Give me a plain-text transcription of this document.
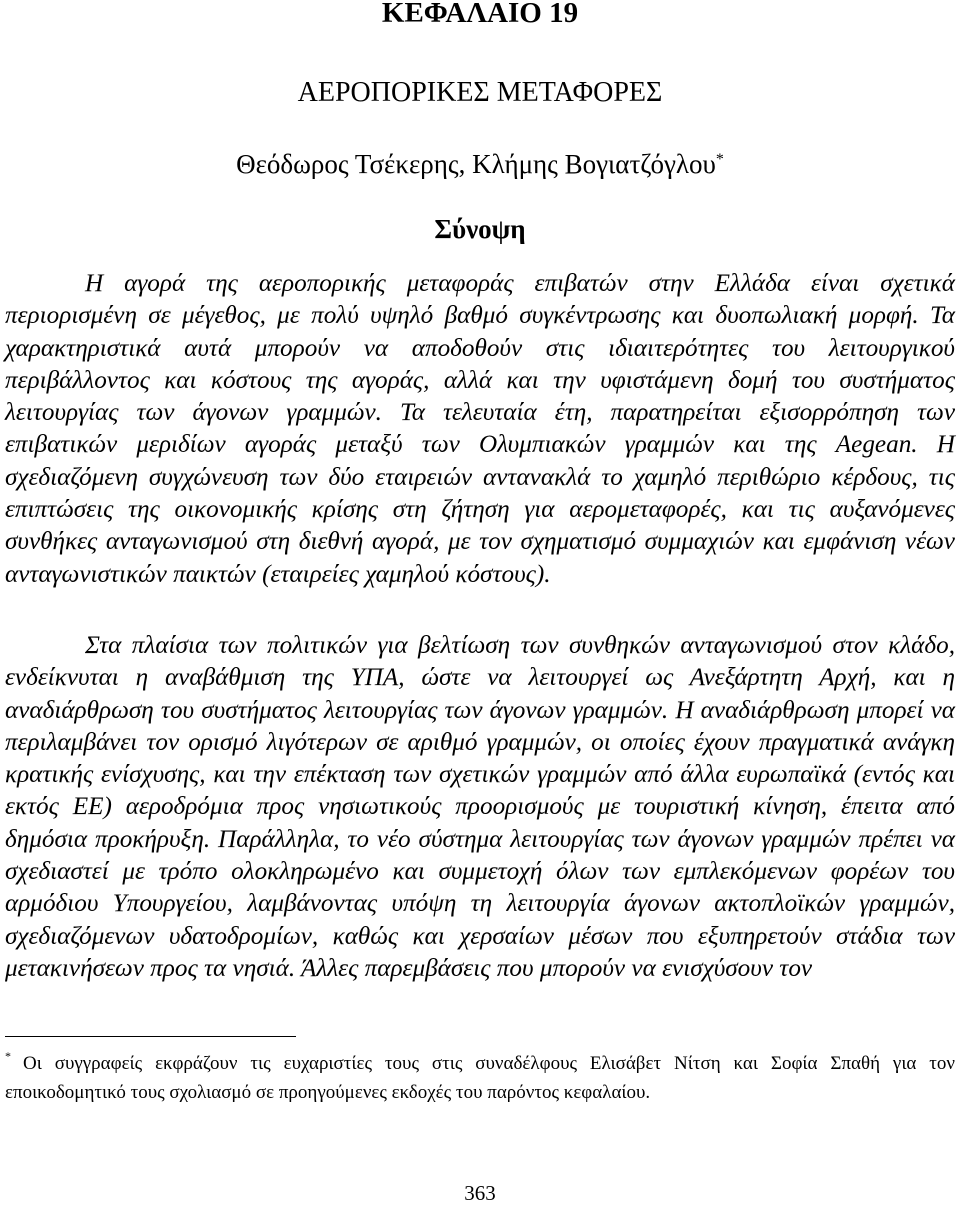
ΚΕΦΑΛΑΙΟ 19
ΑΕΡΟΠΟΡΙΚΕΣ ΜΕΤΑΦΟΡΕΣ
Θεόδωρος Τσέκερης, Κλήμης Βογιατζόγλου*
Σύνοψη

Η αγορά της αεροπορικής μεταφοράς επιβατών στην Ελλάδα είναι σχετικά περιορισμένη σε μέγεθος, με πολύ υψηλό βαθμό συγκέντρωσης και δυοπωλιακή μορφή. Τα χαρακτηριστικά αυτά μπορούν να αποδοθούν στις ιδιαιτερότητες του λειτουργικού περιβάλλοντος και κόστους της αγοράς, αλλά και την υφιστάμενη δομή του συστήματος λειτουργίας των άγονων γραμμών. Τα τελευταία έτη, παρατηρείται εξισορρόπηση των επιβατικών μεριδίων αγοράς μεταξύ των Ολυμπιακών γραμμών και της Aegean. Η σχεδιαζόμενη συγχώνευση των δύο εταιρειών αντανακλά το χαμηλό περιθώριο κέρδους, τις επιπτώσεις της οικονομικής κρίσης στη ζήτηση για αερομεταφορές, και τις αυξανόμενες συνθήκες ανταγωνισμού στη διεθνή αγορά, με τον σχηματισμό συμμαχιών και εμφάνιση νέων ανταγωνιστικών παικτών (εταιρείες χαμηλού κόστους).

Στα πλαίσια των πολιτικών για βελτίωση των συνθηκών ανταγωνισμού στον κλάδο, ενδείκνυται η αναβάθμιση της ΥΠΑ, ώστε να λειτουργεί ως Ανεξάρτητη Αρχή, και η αναδιάρθρωση του συστήματος λειτουργίας των άγονων γραμμών. Η αναδιάρθρωση μπορεί να περιλαμβάνει τον ορισμό λιγότερων σε αριθμό γραμμών, οι οποίες έχουν πραγματικά ανάγκη κρατικής ενίσχυσης, και την επέκταση των σχετικών γραμμών από άλλα ευρωπαϊκά (εντός και εκτός ΕΕ) αεροδρόμια προς νησιωτικούς προορισμούς με τουριστική κίνηση, έπειτα από δημόσια προκήρυξη. Παράλληλα, το νέο σύστημα λειτουργίας των άγονων γραμμών πρέπει να σχεδιαστεί με τρόπο ολοκληρωμένο και συμμετοχή όλων των εμπλεκόμενων φορέων του αρμόδιου Υπουργείου, λαμβάνοντας υπόψη τη λειτουργία άγονων ακτοπλοϊκών γραμμών, σχεδιαζόμενων υδατοδρομίων, καθώς και χερσαίων μέσων που εξυπηρετούν στάδια των μετακινήσεων προς τα νησιά. Άλλες παρεμβάσεις που μπορούν να ενισχύσουν τον

* Οι συγγραφείς εκφράζουν τις ευχαριστίες τους στις συναδέλφους Ελισάβετ Νίτση και Σοφία Σπαθή για τον εποικοδομητικό τους σχολιασμό σε προηγούμενες εκδοχές του παρόντος κεφαλαίου.

363
